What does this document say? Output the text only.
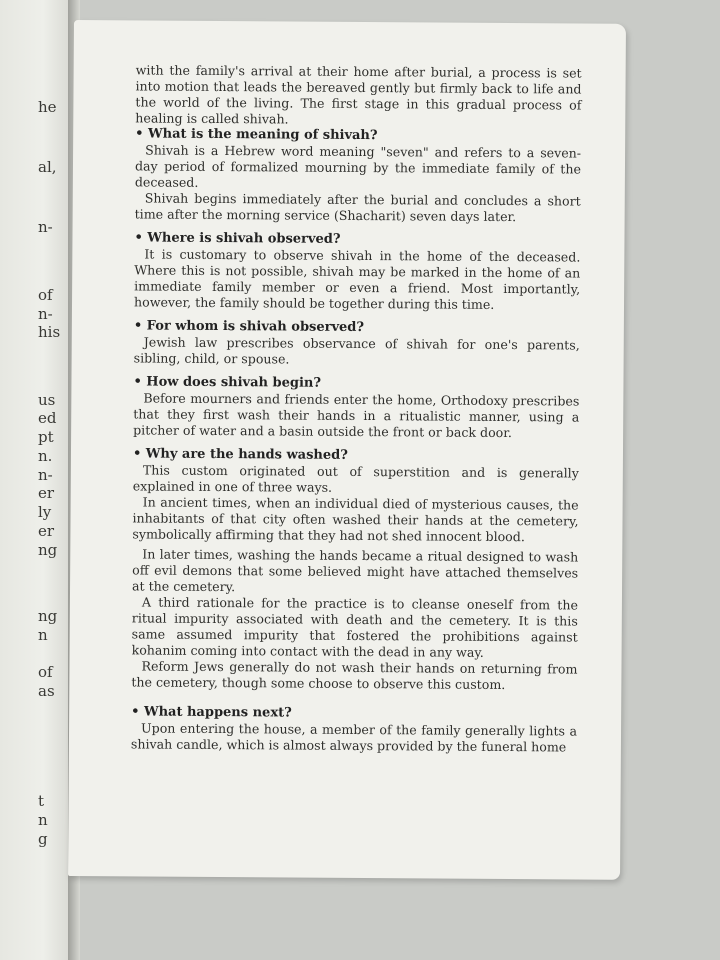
he
al,
n-
of
n-
his
us
ed
pt
n.
n-
er
ly
er
ng
ng
n
of
as
t
n
g

with the family's arrival at their home after burial, a process is set into motion that leads the bereaved gently but firmly back to life and the world of the living. The first stage in this gradual process of healing is called shivah.

• What is the meaning of shivah?

Shivah is a Hebrew word meaning "seven" and refers to a seven-day period of formalized mourning by the immediate family of the deceased.

Shivah begins immediately after the burial and concludes a short time after the morning service (Shacharit) seven days later.

• Where is shivah observed?

It is customary to observe shivah in the home of the deceased. Where this is not possible, shivah may be marked in the home of an immediate family member or even a friend. Most importantly, however, the family should be together during this time.

• For whom is shivah observed?

Jewish law prescribes observance of shivah for one's parents, sibling, child, or spouse.

• How does shivah begin?

Before mourners and friends enter the home, Orthodoxy prescribes that they first wash their hands in a ritualistic manner, using a pitcher of water and a basin outside the front or back door.

• Why are the hands washed?

This custom originated out of superstition and is generally explained in one of three ways.

In ancient times, when an individual died of mysterious causes, the inhabitants of that city often washed their hands at the cemetery, symbolically affirming that they had not shed innocent blood.

In later times, washing the hands became a ritual designed to wash off evil demons that some believed might have attached themselves at the cemetery.

A third rationale for the practice is to cleanse oneself from the ritual impurity associated with death and the cemetery. It is this same assumed impurity that fostered the prohibitions against kohanim coming into contact with the dead in any way.

Reform Jews generally do not wash their hands on returning from the cemetery, though some choose to observe this custom.

• What happens next?

Upon entering the house, a member of the family generally lights a shivah candle, which is almost always provided by the funeral home
